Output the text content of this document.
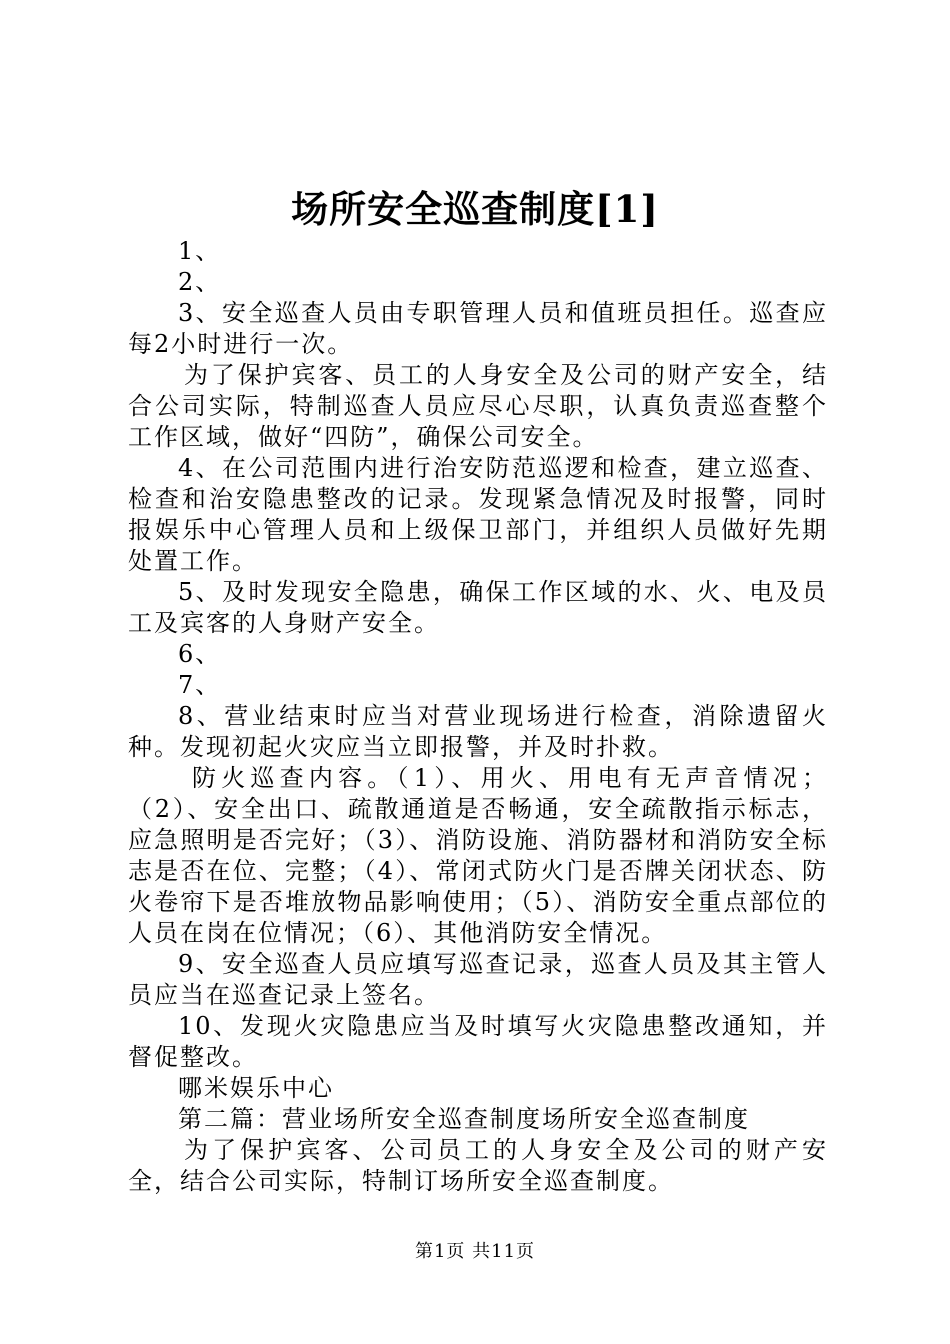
场所安全巡查制度[1]

1、

2、

3、安全巡查人员由专职管理人员和值班员担任。巡查应每2小时进行一次。

为了保护宾客、员工的人身安全及公司的财产安全，结合公司实际，特制巡查人员应尽心尽职，认真负责巡查整个工作区域，做好“四防”，确保公司安全。

4、在公司范围内进行治安防范巡逻和检查，建立巡查、检查和治安隐患整改的记录。发现紧急情况及时报警，同时报娱乐中心管理人员和上级保卫部门，并组织人员做好先期处置工作。

5、及时发现安全隐患，确保工作区域的水、火、电及员工及宾客的人身财产安全。

6、

7、

8、营业结束时应当对营业现场进行检查，消除遗留火种。发现初起火灾应当立即报警，并及时扑救。

防火巡查内容。（1）、用火、用电有无声音情况；（2）、安全出口、疏散通道是否畅通，安全疏散指示标志，应急照明是否完好；（3）、消防设施、消防器材和消防安全标志是否在位、完整；（4）、常闭式防火门是否牌关闭状态、防火卷帘下是否堆放物品影响使用；（5）、消防安全重点部位的人员在岗在位情况；（6）、其他消防安全情况。

9、安全巡查人员应填写巡查记录，巡查人员及其主管人员应当在巡查记录上签名。

10、发现火灾隐患应当及时填写火灾隐患整改通知，并督促整改。

哪米娱乐中心

第二篇：营业场所安全巡查制度场所安全巡查制度

为了保护宾客、公司员工的人身安全及公司的财产安全，结合公司实际，特制订场所安全巡查制度。

第1页 共11页
